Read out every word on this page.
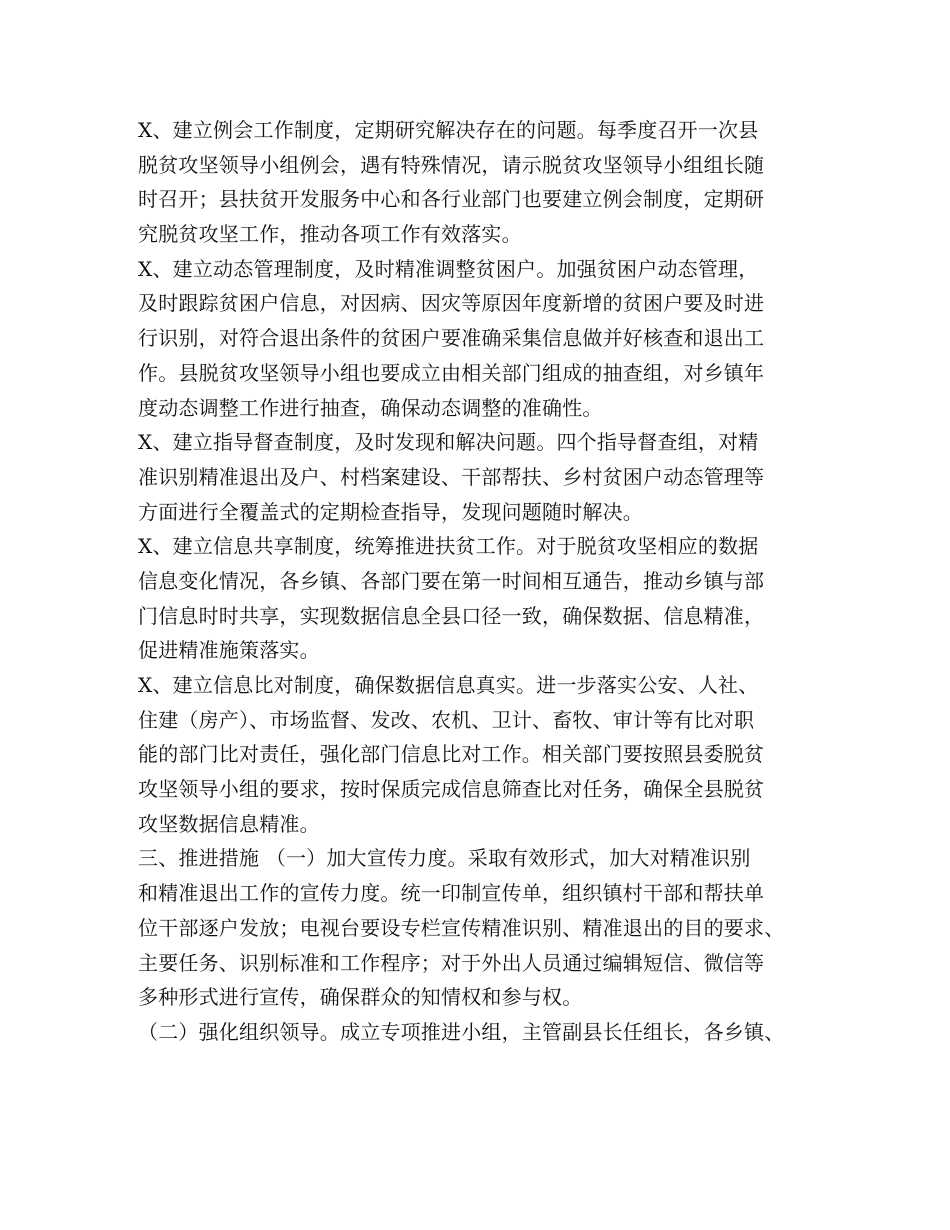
X、建立例会工作制度，定期研究解决存在的问题。每季度召开一次县
脱贫攻坚领导小组例会，遇有特殊情况，请示脱贫攻坚领导小组组长随
时召开；县扶贫开发服务中心和各行业部门也要建立例会制度，定期研
究脱贫攻坚工作，推动各项工作有效落实。
X、建立动态管理制度，及时精准调整贫困户。加强贫困户动态管理，
及时跟踪贫困户信息，对因病、因灾等原因年度新增的贫困户要及时进
行识别，对符合退出条件的贫困户要准确采集信息做并好核查和退出工
作。县脱贫攻坚领导小组也要成立由相关部门组成的抽查组，对乡镇年
度动态调整工作进行抽查，确保动态调整的准确性。
X、建立指导督查制度，及时发现和解决问题。四个指导督查组，对精
准识别精准退出及户、村档案建设、干部帮扶、乡村贫困户动态管理等
方面进行全覆盖式的定期检查指导，发现问题随时解决。
X、建立信息共享制度，统筹推进扶贫工作。对于脱贫攻坚相应的数据
信息变化情况，各乡镇、各部门要在第一时间相互通告，推动乡镇与部
门信息时时共享，实现数据信息全县口径一致，确保数据、信息精准，
促进精准施策落实。
X、建立信息比对制度，确保数据信息真实。进一步落实公安、人社、
住建（房产）、市场监督、发改、农机、卫计、畜牧、审计等有比对职
能的部门比对责任，强化部门信息比对工作。相关部门要按照县委脱贫
攻坚领导小组的要求，按时保质完成信息筛查比对任务，确保全县脱贫
攻坚数据信息精准。
三、推进措施 （一）加大宣传力度。采取有效形式，加大对精准识别
和精准退出工作的宣传力度。统一印制宣传单，组织镇村干部和帮扶单
位干部逐户发放；电视台要设专栏宣传精准识别、精准退出的目的要求、
主要任务、识别标准和工作程序；对于外出人员通过编辑短信、微信等
多种形式进行宣传，确保群众的知情权和参与权。
（二）强化组织领导。成立专项推进小组，主管副县长任组长，各乡镇、
